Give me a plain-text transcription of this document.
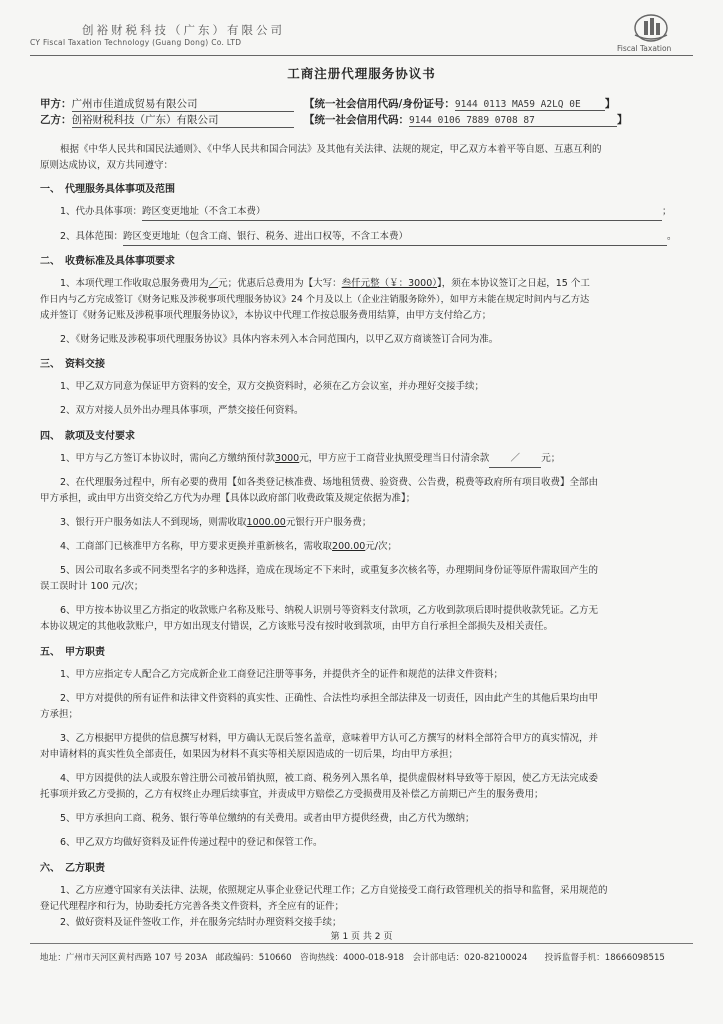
创裕财税科技（广东）有限公司
CY Fiscal Taxation Technology (Guang Dong) Co. LTD
Fiscal Taxation
工商注册代理服务协议书
甲方：广州市佳道成贸易有限公司	【统一社会信用代码/身份证号：9144 0113 MA59 A2LQ 0E 】
乙方：创裕财税科技（广东）有限公司	【统一社会信用代码：9144 0106 7889 0708 87	】
根据《中华人民共和国民法通则》、《中华人民共和国合同法》及其他有关法律、法规的规定，甲乙双方本着平等自愿、互惠互利的
原则达成协议，双方共同遵守：
一、　代理服务具体事项及范围
1、代办具体事项：跨区变更地址（不含工本费）	；
2、具体范围：跨区变更地址（包含工商、银行、税务、进出口权等，不含工本费）	。
二、　收费标准及具体事项要求
1、本项代理工作收取总服务费用为／元；优惠后总费用为【大写：叁仟元整（￥：3000）】，须在本协议签订之日起，15 个工
作日内与乙方完成签订《财务记账及涉税事项代理服务协议》24 个月及以上（企业注销服务除外），如甲方未能在规定时间内与乙方达
成并签订《财务记账及涉税事项代理服务协议》，本协议中代理工作按总服务费用结算，由甲方支付给乙方；
2、《财务记账及涉税事项代理服务协议》具体内容未列入本合同范围内，以甲乙双方商谈签订合同为准。
三、　资料交接
1、甲乙双方同意为保证甲方资料的安全，双方交换资料时，必须在乙方会议室，并办理好交接手续；
2、双方对接人员外出办理具体事项，严禁交接任何资料。
四、　款项及支付要求
1、甲方与乙方签订本协议时，需向乙方缴纳预付款3000元，甲方应于工商营业执照受理当日付清余款 ／ 元；
2、在代理服务过程中，所有必要的费用【如各类登记核准费、场地租赁费、验资费、公告费，税费等政府所有项目收费】全部由
甲方承担，或由甲方出资交给乙方代为办理【具体以政府部门收费政策及规定依据为准】；
3、银行开户服务如法人不到现场，则需收取1000.00元银行开户服务费；
4、工商部门已核准甲方名称，甲方要求更换并重新核名，需收取200.00元/次；
5、因公司取名多或不同类型名字的多种选择，造成在现场定不下来时，或重复多次核名等，办理期间身份证等原件需取回产生的
误工误时计 100 元/次；
6、甲方按本协议里乙方指定的收款账户名称及账号、纳税人识别号等资料支付款项，乙方收到款项后即时提供收款凭证。乙方无
本协议规定的其他收款账户，甲方如出现支付错误，乙方该账号没有按时收到款项，由甲方自行承担全部损失及相关责任。
五、　甲方职责
1、甲方应指定专人配合乙方完成新企业工商登记注册等事务，并提供齐全的证件和规范的法律文件资料；
2、甲方对提供的所有证件和法律文件资料的真实性、正确性、合法性均承担全部法律及一切责任，因由此产生的其他后果均由甲
方承担；
3、乙方根据甲方提供的信息撰写材料，甲方确认无误后签名盖章，意味着甲方认可乙方撰写的材料全部符合甲方的真实情况，并
对申请材料的真实性负全部责任，如果因为材料不真实等相关原因造成的一切后果，均由甲方承担；
4、甲方因提供的法人或股东曾注册公司被吊销执照，被工商、税务列入黑名单，提供虚假材料导致等于原因，使乙方无法完成委
托事项并致乙方受损的，乙方有权终止办理后续事宜，并责成甲方赔偿乙方受损费用及补偿乙方前期已产生的服务费用；
5、甲方承担向工商、税务、银行等单位缴纳的有关费用。或者由甲方提供经费，由乙方代为缴纳；
6、甲乙双方均做好资料及证件传递过程中的登记和保管工作。
六、　乙方职责
1、乙方应遵守国家有关法律、法规，依照规定从事企业登记代理工作；乙方自觉接受工商行政管理机关的指导和监督，采用规范的
登记代理程序和行为，协助委托方完善各类文件资料，齐全应有的证件；
2、做好资料及证件签收工作，并在服务完结时办理资料交接手续；
第 1 页 共 2 页
地址：广州市天河区黄村西路 107 号 203A　邮政编码：510660　咨询热线：4000-018-918　会计部电话：020-82100024　　投诉监督手机：18666098515
